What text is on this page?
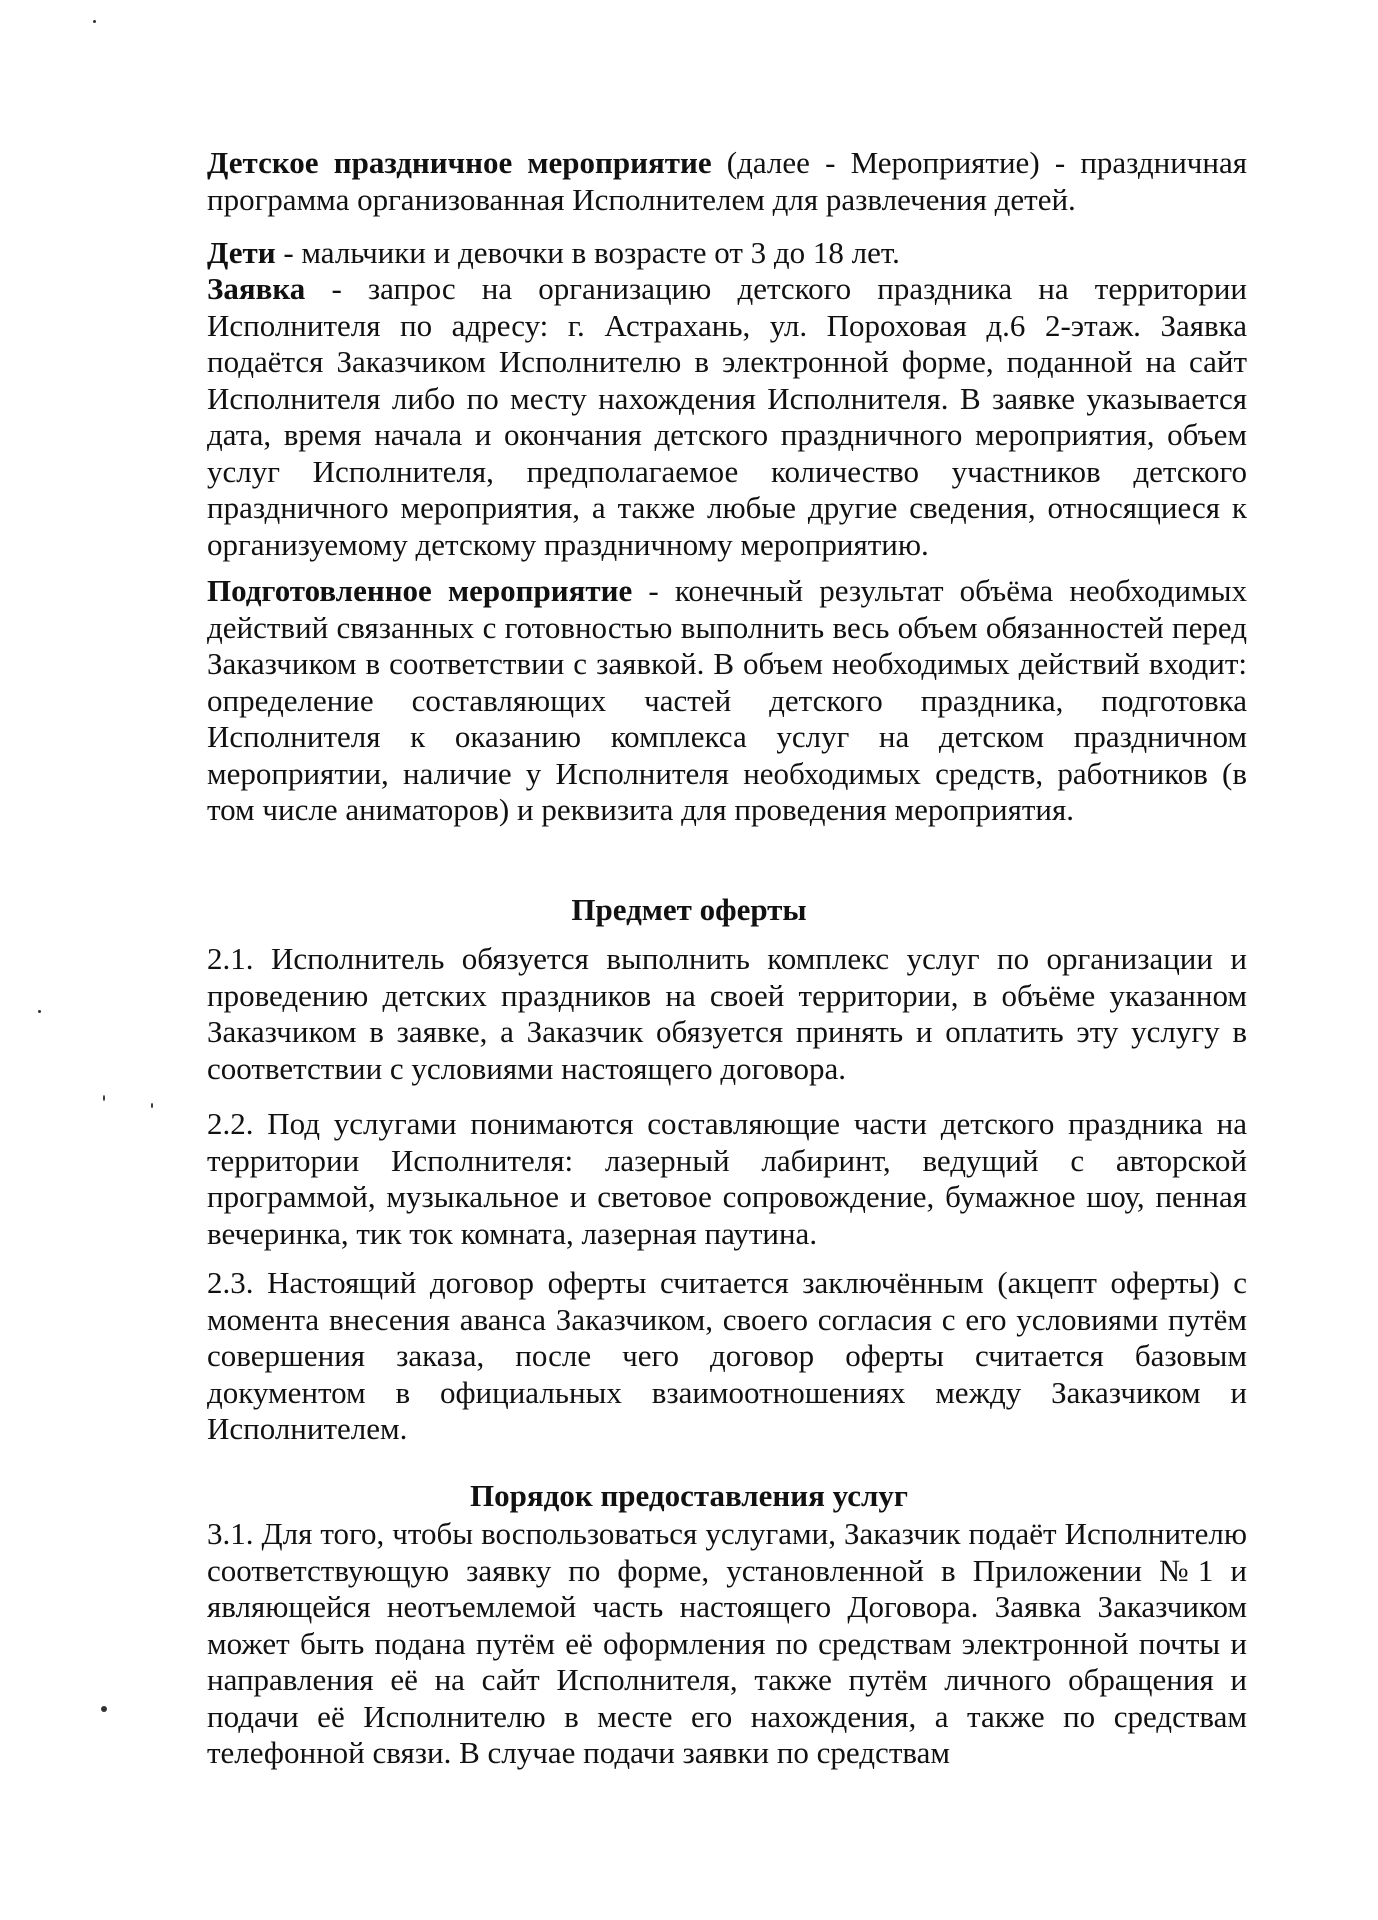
Детское праздничное мероприятие (далее - Мероприятие) - праздничная программа организованная Исполнителем для развлечения детей.

Дети - мальчики и девочки в возрасте от 3 до 18 лет.

Заявка - запрос на организацию детского праздника на территории Исполнителя по адресу: г. Астрахань, ул. Пороховая д.6 2-этаж. Заявка подаётся Заказчиком Исполнителю в электронной форме, поданной на сайт Исполнителя либо по месту нахождения Исполнителя. В заявке указывается дата, время начала и окончания детского праздничного мероприятия, объем услуг Исполнителя, предполагаемое количество участников детского праздничного мероприятия, а также любые другие сведения, относящиеся к организуемому детскому праздничному мероприятию.

Подготовленное мероприятие - конечный результат объёма необходимых действий связанных с готовностью выполнить весь объем обязанностей перед Заказчиком в соответствии с заявкой. В объем необходимых действий входит: определение составляющих частей детского праздника, подготовка Исполнителя к оказанию комплекса услуг на детском праздничном мероприятии, наличие у Исполнителя необходимых средств, работников (в том числе аниматоров) и реквизита для проведения мероприятия.

Предмет оферты

2.1. Исполнитель обязуется выполнить комплекс услуг по организации и проведению детских праздников на своей территории, в объёме указанном Заказчиком в заявке, а Заказчик обязуется принять и оплатить эту услугу в соответствии с условиями настоящего договора.

2.2. Под услугами понимаются составляющие части детского праздника на территории Исполнителя: лазерный лабиринт, ведущий с авторской программой, музыкальное и световое сопровождение, бумажное шоу, пенная вечеринка, тик ток комната, лазерная паутина.

2.3. Настоящий договор оферты считается заключённым (акцепт оферты) с момента внесения аванса Заказчиком, своего согласия с его условиями путём совершения заказа, после чего договор оферты считается базовым документом в официальных взаимоотношениях между Заказчиком и Исполнителем.

Порядок предоставления услуг

3.1. Для того, чтобы воспользоваться услугами, Заказчик подаёт Исполнителю соответствующую заявку по форме, установленной в Приложении №1 и являющейся неотъемлемой часть настоящего Договора. Заявка Заказчиком может быть подана путём её оформления по средствам электронной почты и направления её на сайт Исполнителя, также путём личного обращения и подачи её Исполнителю в месте его нахождения, а также по средствам телефонной связи. В случае подачи заявки по средствам
